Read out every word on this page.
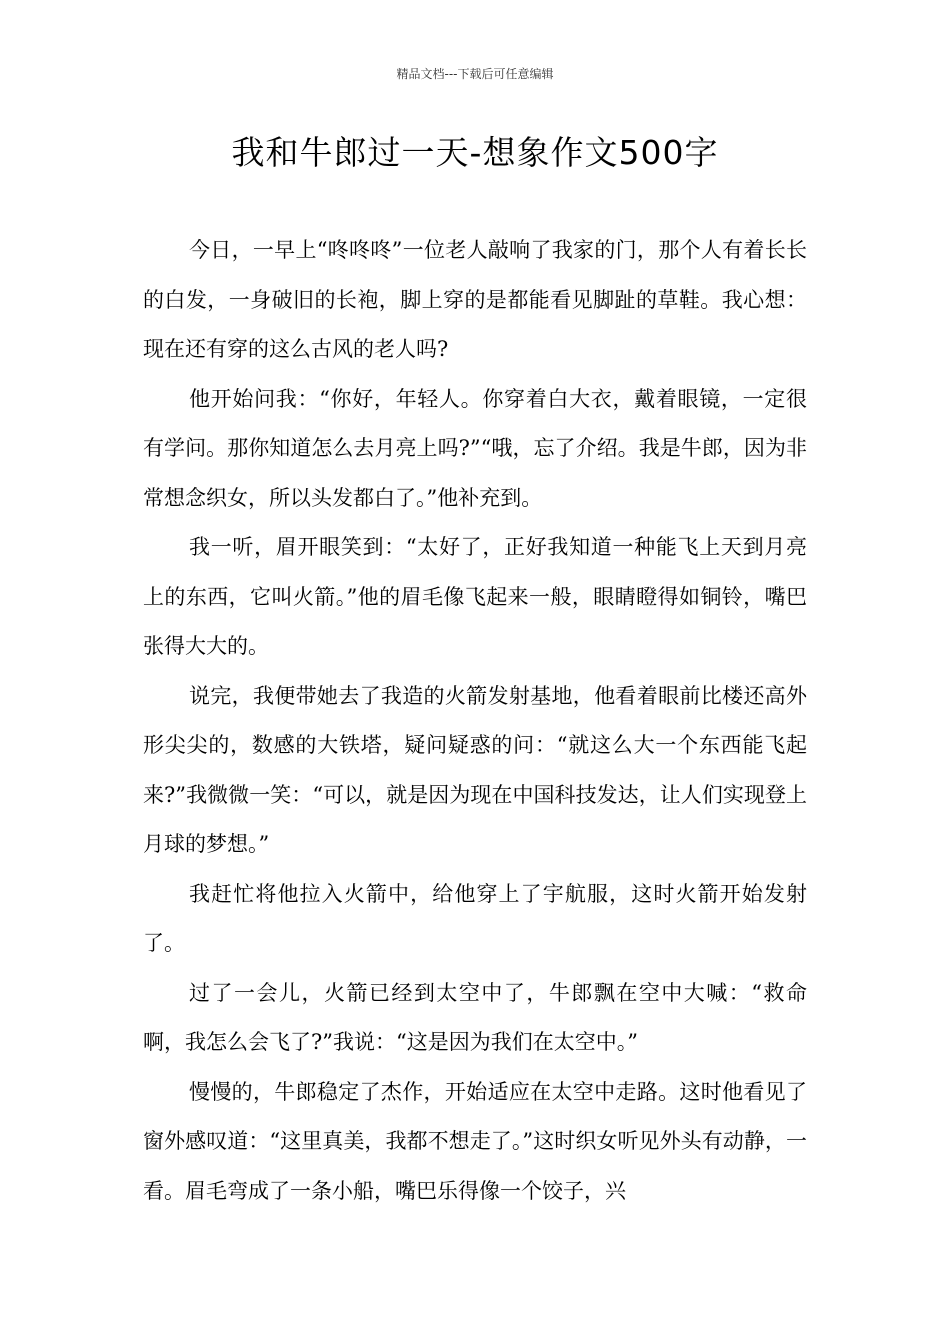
精品文档---下载后可任意编辑
我和牛郎过一天-想象作文500字

今日，一早上“咚咚咚”一位老人敲响了我家的门，那个人有着长长的白发，一身破旧的长袍，脚上穿的是都能看见脚趾的草鞋。我心想：现在还有穿的这么古风的老人吗?

他开始问我：“你好，年轻人。你穿着白大衣，戴着眼镜，一定很有学问。那你知道怎么去月亮上吗?”“哦，忘了介绍。我是牛郎，因为非常想念织女，所以头发都白了。”他补充到。

我一听，眉开眼笑到：“太好了，正好我知道一种能飞上天到月亮上的东西，它叫火箭。”他的眉毛像飞起来一般，眼睛瞪得如铜铃，嘴巴张得大大的。

说完，我便带她去了我造的火箭发射基地，他看着眼前比楼还高外形尖尖的，数感的大铁塔，疑问疑惑的问：“就这么大一个东西能飞起来?”我微微一笑：“可以，就是因为现在中国科技发达，让人们实现登上月球的梦想。”

我赶忙将他拉入火箭中，给他穿上了宇航服，这时火箭开始发射了。

过了一会儿，火箭已经到太空中了，牛郎飘在空中大喊：“救命啊，我怎么会飞了?”我说：“这是因为我们在太空中。”

慢慢的，牛郎稳定了杰作，开始适应在太空中走路。这时他看见了窗外感叹道：“这里真美，我都不想走了。”这时织女听见外头有动静，一看。眉毛弯成了一条小船，嘴巴乐得像一个饺子，兴
